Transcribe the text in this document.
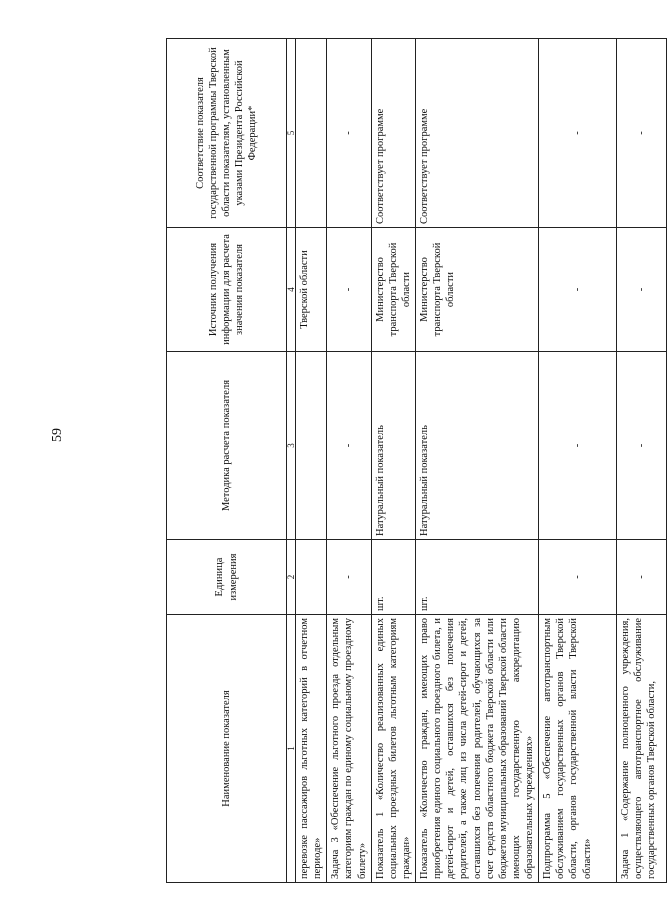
59
Наименование показателя	Единица измерения	Методика расчета показателя	Источник получения информации для расчета значения показателя	Соответствие показателя государственной программы Тверской области показателям, установленным указами Президента Российской Федерации*
1	2	3	4	5
перевозке пассажиров льготных категорий в отчетном периоде»			Тверской области	
Задача 3 «Обеспечение льготного проезда отдельным категориям граждан по единому социальному проездному билету»	-	-	-	-
Показатель 1 «Количество реализованных единых социальных проездных билетов льготным категориям граждан»	шт.	Натуральный показатель	Министерство транспорта Тверской области	Соответствует программе
Показатель «Количество граждан, имеющих право приобретения единого социального проездного билета, и детей-сирот и детей, оставшихся без попечения родителей, а также лиц из числа детей-сирот и детей, оставшихся без попечения родителей, обучающихся за счет средств областного бюджета Тверской области или бюджетов муниципальных образований Тверской области имеющих государственную аккредитацию образовательных учреждениях»	шт.	Натуральный показатель	Министерство транспорта Тверской области	Соответствует программе
Подпрограмма 5 «Обеспечение автотранспортным обслуживанием государственных органов Тверской области, органов государственной власти Тверской области»	-	-	-	-
Задача 1 «Содержание полноценного учреждения, осуществляющего автотранспортное обслуживание государственных органов Тверской области,	-	-	-	-
